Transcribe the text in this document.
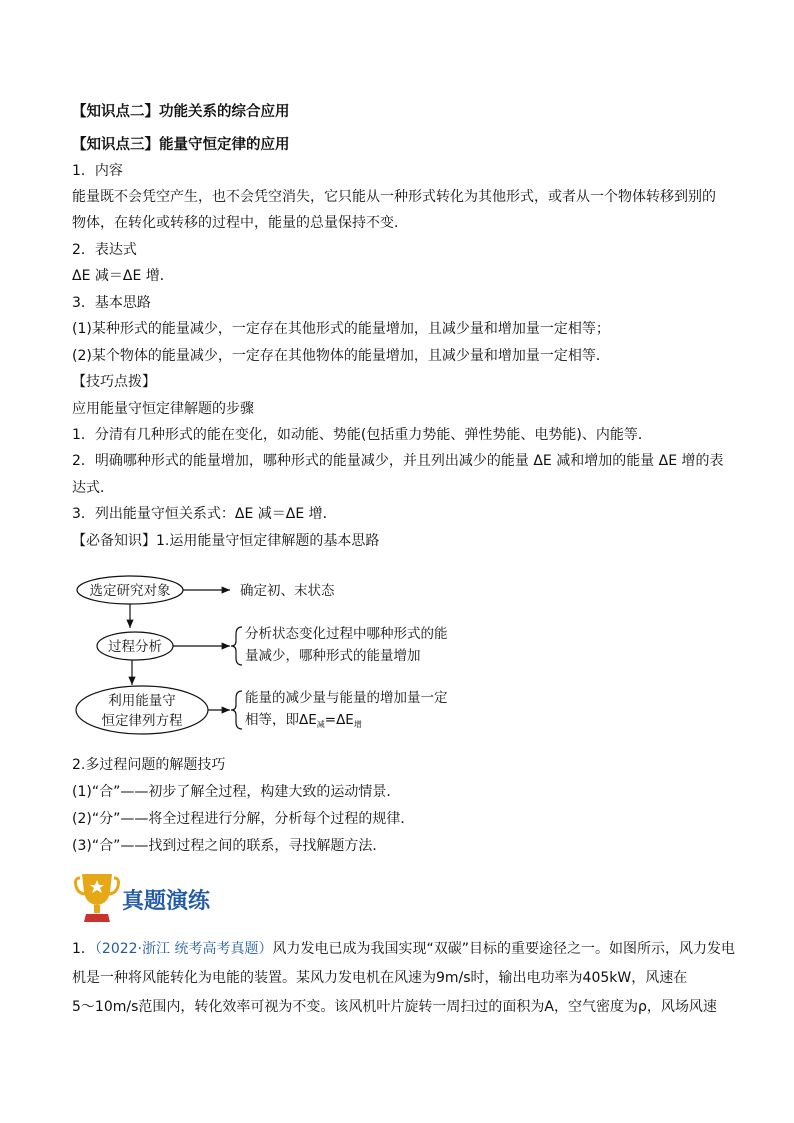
【知识点二】功能关系的综合应用
【知识点三】能量守恒定律的应用
1．内容
能量既不会凭空产生，也不会凭空消失，它只能从一种形式转化为其他形式，或者从一个物体转移到别的
物体，在转化或转移的过程中，能量的总量保持不变．
2．表达式
ΔE 减＝ΔE 增．
3．基本思路
(1)某种形式的能量减少，一定存在其他形式的能量增加，且减少量和增加量一定相等；
(2)某个物体的能量减少，一定存在其他物体的能量增加，且减少量和增加量一定相等．
【技巧点拨】
应用能量守恒定律解题的步骤
1．分清有几种形式的能在变化，如动能、势能(包括重力势能、弹性势能、电势能)、内能等．
2．明确哪种形式的能量增加，哪种形式的能量减少，并且列出减少的能量 ΔE 减和增加的能量 ΔE 增的表
达式．
3．列出能量守恒关系式：ΔE 减＝ΔE 增．
【必备知识】1.运用能量守恒定律解题的基本思路
选定研究对象	确定初、末状态
过程分析
分析状态变化过程中哪种形式的能
量减少，哪种形式的能量增加
利用能量守
恒定律列方程
能量的减少量与能量的增加量一定
相等，即$\Delta E_减=\Delta E_增$
2.多过程问题的解题技巧
(1)“合”——初步了解全过程，构建大致的运动情景．
(2)“分”——将全过程进行分解，分析每个过程的规律．
(3)“合”——找到过程之间的联系，寻找解题方法．
真题演练
1．（2022·浙江 统考高考真题）风力发电已成为我国实现“双碳”目标的重要途径之一。如图所示，风力发电
机是一种将风能转化为电能的装置。某风力发电机在风速为9m/s时，输出电功率为405kW，风速在
5～10m/s范围内，转化效率可视为不变。该风机叶片旋转一周扫过的面积为A，空气密度为ρ，风场风速
